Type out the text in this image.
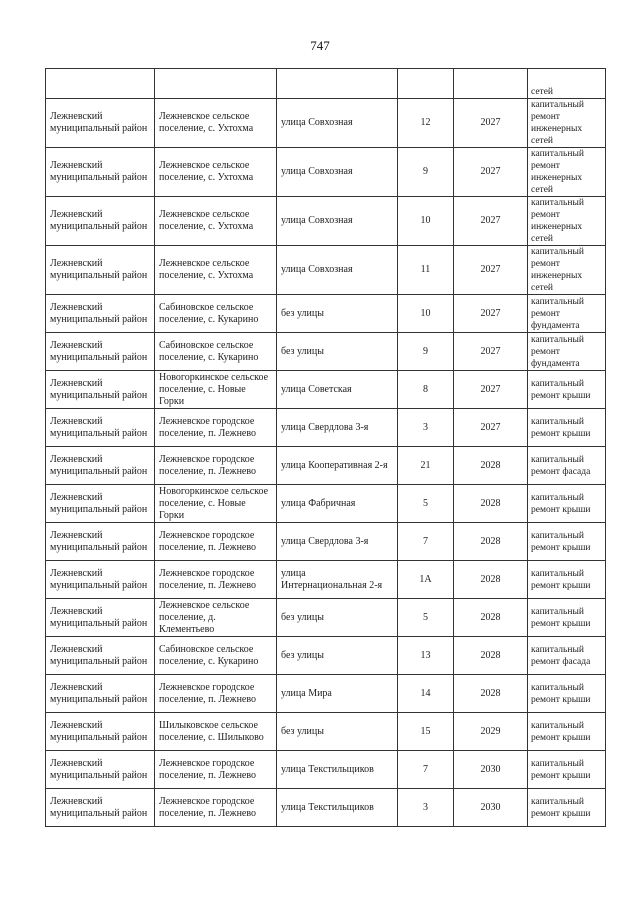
747
					сетей
Лежневский муниципальный район	Лежневское сельское поселение, с. Ухтохма	улица Совхозная	12	2027	капитальный ремонт инженерных сетей
Лежневский муниципальный район	Лежневское сельское поселение, с. Ухтохма	улица Совхозная	9	2027	капитальный ремонт инженерных сетей
Лежневский муниципальный район	Лежневское сельское поселение, с. Ухтохма	улица Совхозная	10	2027	капитальный ремонт инженерных сетей
Лежневский муниципальный район	Лежневское сельское поселение, с. Ухтохма	улица Совхозная	11	2027	капитальный ремонт инженерных сетей
Лежневский муниципальный район	Сабиновское сельское поселение, с. Кукарино	без улицы	10	2027	капитальный ремонт фундамента
Лежневский муниципальный район	Сабиновское сельское поселение, с. Кукарино	без улицы	9	2027	капитальный ремонт фундамента
Лежневский муниципальный район	Новогоркинское сельское поселение, с. Новые Горки	улица Советская	8	2027	капитальный ремонт крыши
Лежневский муниципальный район	Лежневское городское поселение, п. Лежнево	улица Свердлова 3-я	3	2027	капитальный ремонт крыши
Лежневский муниципальный район	Лежневское городское поселение, п. Лежнево	улица Кооперативная 2-я	21	2028	капитальный ремонт фасада
Лежневский муниципальный район	Новогоркинское сельское поселение, с. Новые Горки	улица Фабричная	5	2028	капитальный ремонт крыши
Лежневский муниципальный район	Лежневское городское поселение, п. Лежнево	улица Свердлова 3-я	7	2028	капитальный ремонт крыши
Лежневский муниципальный район	Лежневское городское поселение, п. Лежнево	улица Интернациональная 2-я	1А	2028	капитальный ремонт крыши
Лежневский муниципальный район	Лежневское сельское поселение, д. Клементьево	без улицы	5	2028	капитальный ремонт крыши
Лежневский муниципальный район	Сабиновское сельское поселение, с. Кукарино	без улицы	13	2028	капитальный ремонт фасада
Лежневский муниципальный район	Лежневское городское поселение, п. Лежнево	улица Мира	14	2028	капитальный ремонт крыши
Лежневский муниципальный район	Шилыковское сельское поселение, с. Шилыково	без улицы	15	2029	капитальный ремонт крыши
Лежневский муниципальный район	Лежневское городское поселение, п. Лежнево	улица Текстильщиков	7	2030	капитальный ремонт крыши
Лежневский муниципальный район	Лежневское городское поселение, п. Лежнево	улица Текстильщиков	3	2030	капитальный ремонт крыши
